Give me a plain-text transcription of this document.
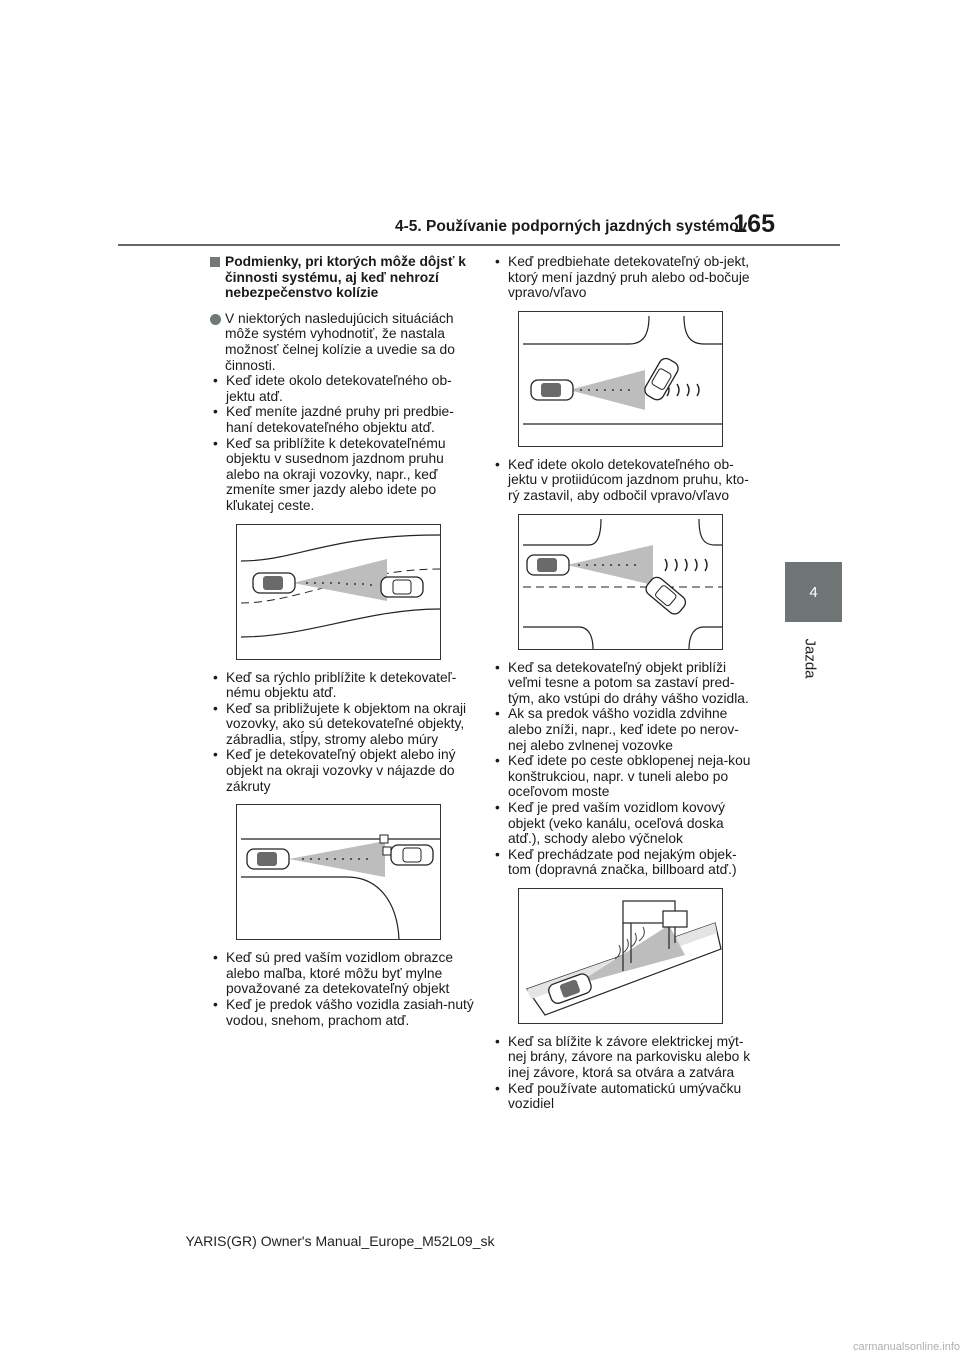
4-5. Používanie podporných jazdných systémov
165
4
Jazda
Podmienky, pri ktorých môže dôjsť k činnosti systému, aj keď nehrozí nebezpečenstvo kolízie
V niektorých nasledujúcich situáciách môže systém vyhodnotiť, že nastala možnosť čelnej kolízie a uvedie sa do činnosti.
• Keď idete okolo detekovateľného ob-jektu atď.
• Keď meníte jazdné pruhy pri predbie-haní detekovateľného objektu atď.
• Keď sa priblížite k detekovateľnému objektu v susednom jazdnom pruhu alebo na okraji vozovky, napr., keď zmeníte smer jazdy alebo idete po kľukatej ceste.
• Keď sa rýchlo priblížite k detekovateľ-nému objektu atď.
• Keď sa približujete k objektom na okraji vozovky, ako sú detekovateľné objekty, zábradlia, stĺpy, stromy alebo múry
• Keď je detekovateľný objekt alebo iný objekt na okraji vozovky v nájazde do zákruty
• Keď sú pred vaším vozidlom obrazce alebo maľba, ktoré môžu byť mylne považované za detekovateľný objekt
• Keď je predok vášho vozidla zasiah-nutý vodou, snehom, prachom atď.
• Keď predbiehate detekovateľný ob-jekt, ktorý mení jazdný pruh alebo od-bočuje vpravo/vľavo
• Keď idete okolo detekovateľného ob-jektu v protiidúcom jazdnom pruhu, kto-rý zastavil, aby odbočil vpravo/vľavo
• Keď sa detekovateľný objekt priblíži veľmi tesne a potom sa zastaví pred-tým, ako vstúpi do dráhy vášho vozidla.
• Ak sa predok vášho vozidla zdvihne alebo zníži, napr., keď idete po nerov-nej alebo zvlnenej vozovke
• Keď idete po ceste obklopenej neja-kou konštrukciou, napr. v tuneli alebo po oceľovom moste
• Keď je pred vaším vozidlom kovový objekt (veko kanálu, oceľová doska atď.), schody alebo výčnelok
• Keď prechádzate pod nejakým objek-tom (dopravná značka, billboard atď.)
• Keď sa blížite k závore elektrickej mýt-nej brány, závore na parkovisku alebo k inej závore, ktorá sa otvára a zatvára
• Keď používate automatickú umývačku vozidiel
YARIS(GR) Owner's Manual_Europe_M52L09_sk
carmanualsonline.info
